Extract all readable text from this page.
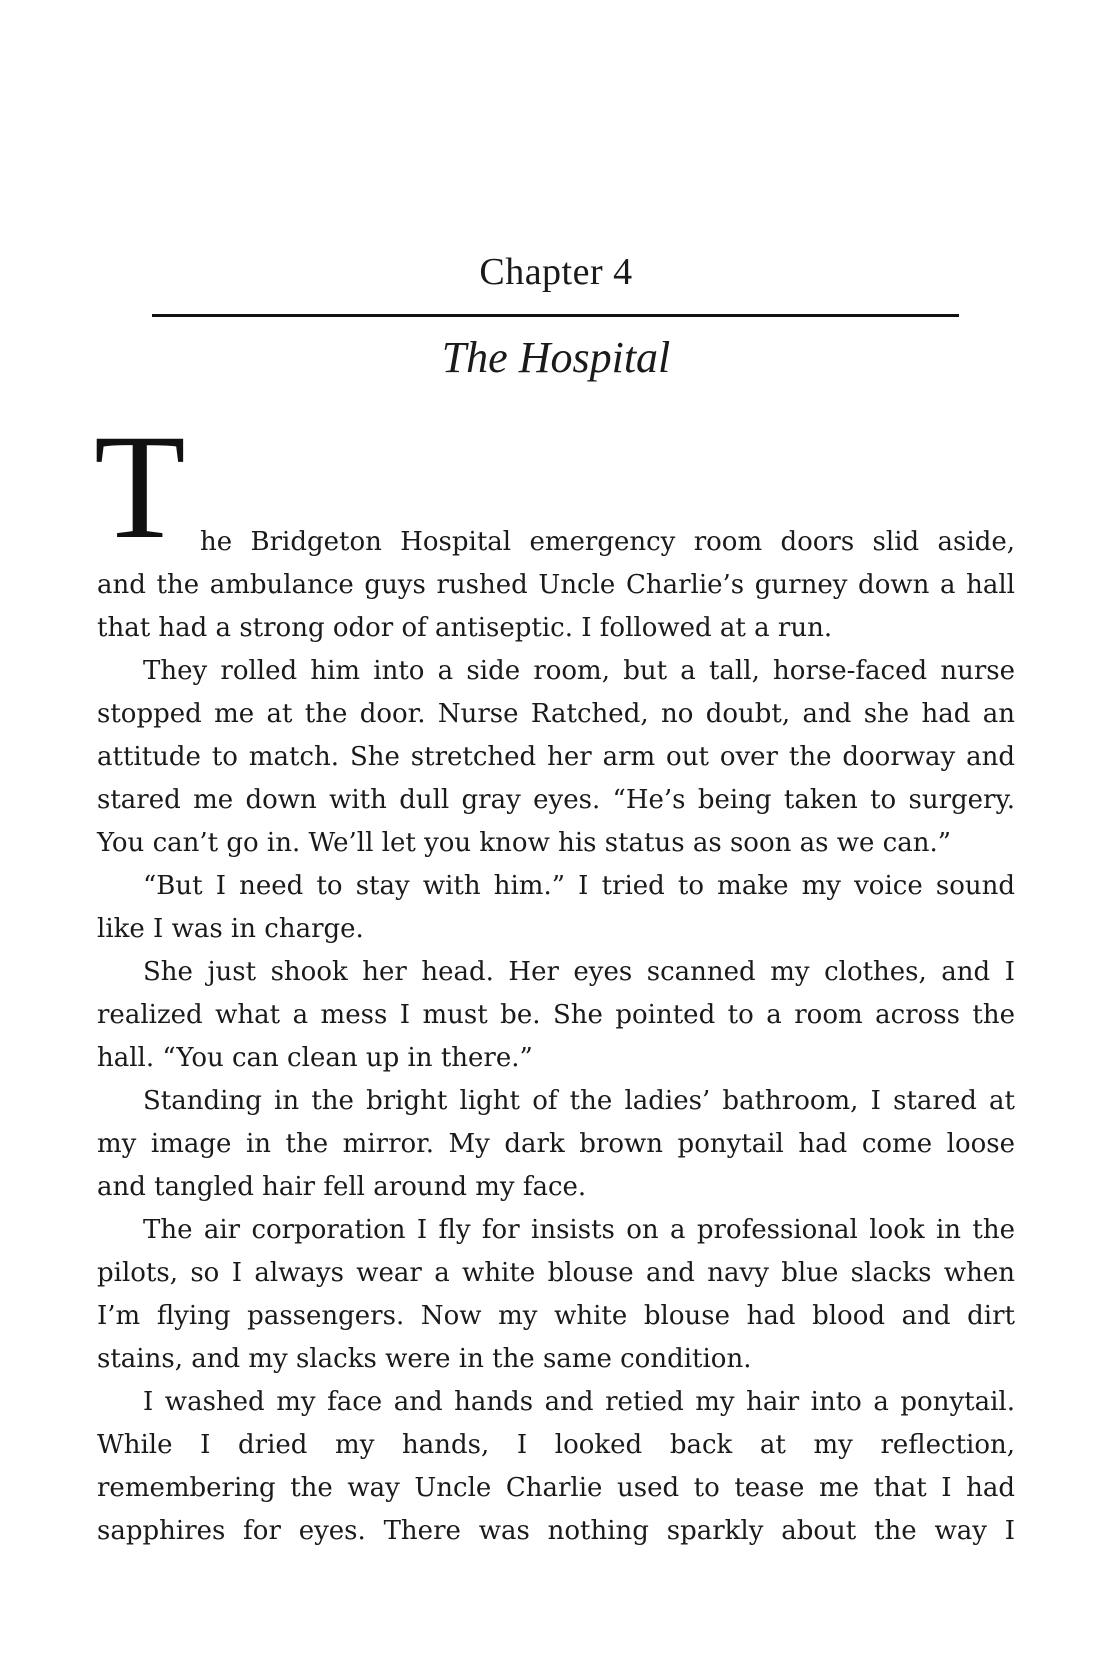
Chapter 4
The Hospital
T he Bridgeton Hospital emergency room doors slid aside,
and the ambulance guys rushed Uncle Charlie’s gurney down a hall
that had a strong odor of antiseptic. I followed at a run.
They rolled him into a side room, but a tall, horse-faced nurse
stopped me at the door. Nurse Ratched, no doubt, and she had an
attitude to match. She stretched her arm out over the doorway and
stared me down with dull gray eyes. “He’s being taken to surgery.
You can’t go in. We’ll let you know his status as soon as we can.”
“But I need to stay with him.” I tried to make my voice sound
like I was in charge.
She just shook her head. Her eyes scanned my clothes, and I
realized what a mess I must be. She pointed to a room across the
hall. “You can clean up in there.”
Standing in the bright light of the ladies’ bathroom, I stared at
my image in the mirror. My dark brown ponytail had come loose
and tangled hair fell around my face.
The air corporation I fly for insists on a professional look in the
pilots, so I always wear a white blouse and navy blue slacks when
I’m flying passengers. Now my white blouse had blood and dirt
stains, and my slacks were in the same condition.
I washed my face and hands and retied my hair into a ponytail.
While I dried my hands, I looked back at my reflection,
remembering the way Uncle Charlie used to tease me that I had
sapphires for eyes. There was nothing sparkly about the way I
